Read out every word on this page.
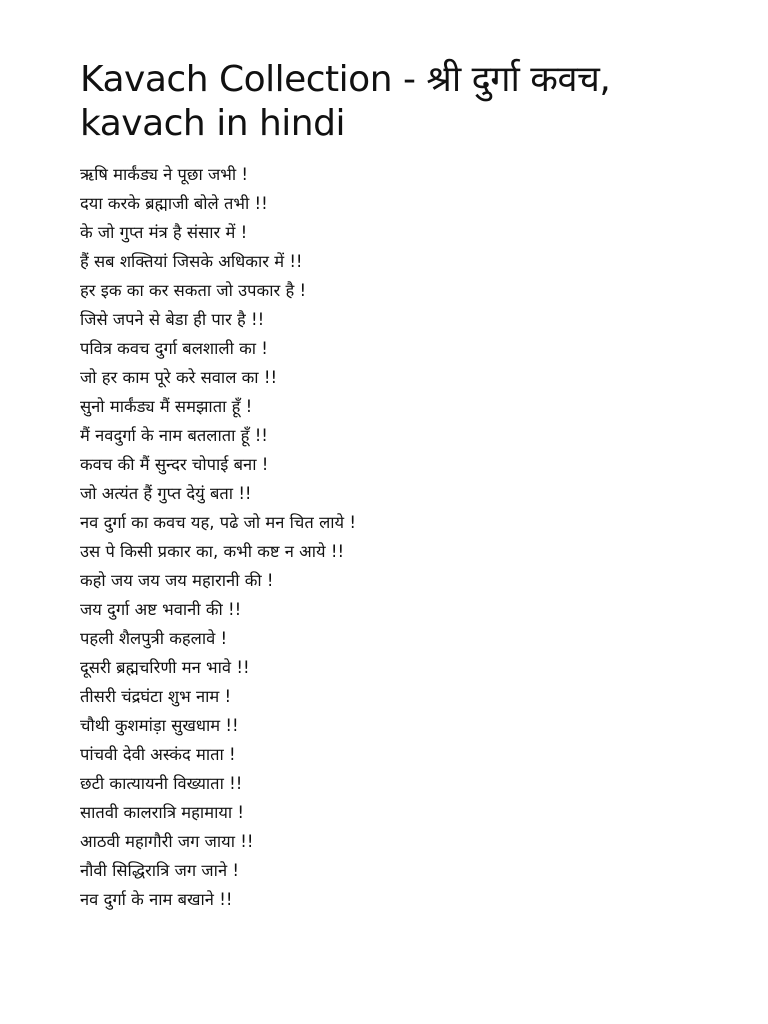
Kavach Collection - श्री दुर्गा कवच,
kavach in hindi
ऋषि मार्कंड्य ने पूछा जभी !
दया करके ब्रह्माजी बोले तभी !!
के जो गुप्त मंत्र है संसार में !
हैं सब शक्तियां जिसके अधिकार में !!
हर इक का कर सकता जो उपकार है !
जिसे जपने से बेडा ही पार है !!
पवित्र कवच दुर्गा बलशाली का !
जो हर काम पूरे करे सवाल का !!
सुनो मार्कंड्य मैं समझाता हूँ !
मैं नवदुर्गा के नाम बतलाता हूँ !!
कवच की मैं सुन्दर चोपाई बना !
जो अत्यंत हैं गुप्त देयुं बता !!
नव दुर्गा का कवच यह, पढे जो मन चित लाये !
उस पे किसी प्रकार का, कभी कष्ट न आये !!
कहो जय जय जय महारानी की !
जय दुर्गा अष्ट भवानी की !!
पहली शैलपुत्री कहलावे !
दूसरी ब्रह्मचरिणी मन भावे !!
तीसरी चंद्रघंटा शुभ नाम !
चौथी कुशमांड़ा सुखधाम !!
पांचवी देवी अस्कंद माता !
छटी कात्यायनी विख्याता !!
सातवी कालरात्रि महामाया !
आठवी महागौरी जग जाया !!
नौवी सिद्धिरात्रि जग जाने !
नव दुर्गा के नाम बखाने !!
